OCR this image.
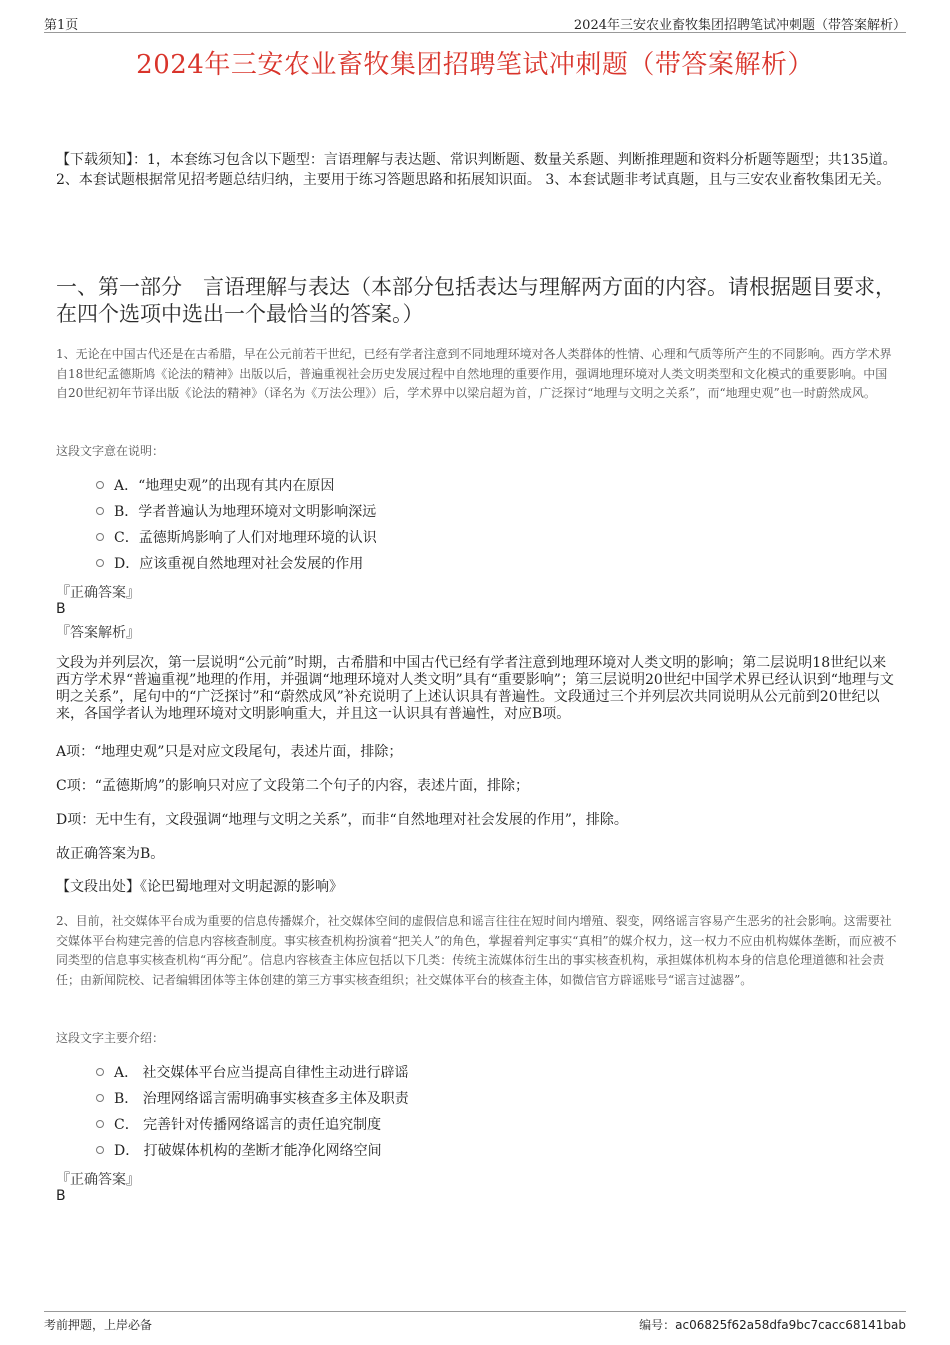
第1页	2024年三安农业畜牧集团招聘笔试冲刺题（带答案解析）
2024年三安农业畜牧集团招聘笔试冲刺题（带答案解析）
【下载须知】：1，本套练习包含以下题型：言语理解与表达题、常识判断题、数量关系题、判断推理题和资料分析题等题型；共135道。 2、本套试题根据常见招考题总结归纳，主要用于练习答题思路和拓展知识面。 3、本套试题非考试真题，且与三安农业畜牧集团无关。
一、第一部分　言语理解与表达（本部分包括表达与理解两方面的内容。请根据题目要求，在四个选项中选出一个最恰当的答案。）
1、无论在中国古代还是在古希腊，早在公元前若干世纪，已经有学者注意到不同地理环境对各人类群体的性情、心理和气质等所产生的不同影响。西方学术界自18世纪孟德斯鸠《论法的精神》出版以后，普遍重视社会历史发展过程中自然地理的重要作用，强调地理环境对人类文明类型和文化模式的重要影响。中国自20世纪初年节译出版《论法的精神》（译名为《万法公理》）后，学术界中以梁启超为首，广泛探讨“地理与文明之关系”，而“地理史观”也一时蔚然成风。
这段文字意在说明：
A．“地理史观”的出现有其内在原因
B．学者普遍认为地理环境对文明影响深远
C．孟德斯鸠影响了人们对地理环境的认识
D．应该重视自然地理对社会发展的作用
『正确答案』
B
『答案解析』
文段为并列层次，第一层说明“公元前”时期，古希腊和中国古代已经有学者注意到地理环境对人类文明的影响；第二层说明18世纪以来西方学术界“普遍重视”地理的作用，并强调“地理环境对人类文明”具有“重要影响”；第三层说明20世纪中国学术界已经认识到“地理与文明之关系”，尾句中的“广泛探讨”和“蔚然成风”补充说明了上述认识具有普遍性。文段通过三个并列层次共同说明从公元前到20世纪以来，各国学者认为地理环境对文明影响重大，并且这一认识具有普遍性，对应B项。
A项：“地理史观”只是对应文段尾句，表述片面，排除；
C项：“孟德斯鸠”的影响只对应了文段第二个句子的内容，表述片面，排除；
D项：无中生有，文段强调“地理与文明之关系”，而非“自然地理对社会发展的作用”，排除。
故正确答案为B。
【文段出处】《论巴蜀地理对文明起源的影响》
2、目前，社交媒体平台成为重要的信息传播媒介，社交媒体空间的虚假信息和谣言往往在短时间内增殖、裂变，网络谣言容易产生恶劣的社会影响。这需要社交媒体平台构建完善的信息内容核查制度。事实核查机构扮演着“把关人”的角色，掌握着判定事实“真相”的媒介权力，这一权力不应由机构媒体垄断，而应被不同类型的信息事实核查机构“再分配”。信息内容核查主体应包括以下几类：传统主流媒体衍生出的事实核查机构，承担媒体机构本身的信息伦理道德和社会责任；由新闻院校、记者编辑团体等主体创建的第三方事实核查组织；社交媒体平台的核查主体，如微信官方辟谣账号“谣言过滤器”。
这段文字主要介绍：
A． 社交媒体平台应当提高自律性主动进行辟谣
B． 治理网络谣言需明确事实核查多主体及职责
C． 完善针对传播网络谣言的责任追究制度
D． 打破媒体机构的垄断才能净化网络空间
『正确答案』
B
考前押题，上岸必备	编号：ac06825f62a58dfa9bc7cacc68141bab
